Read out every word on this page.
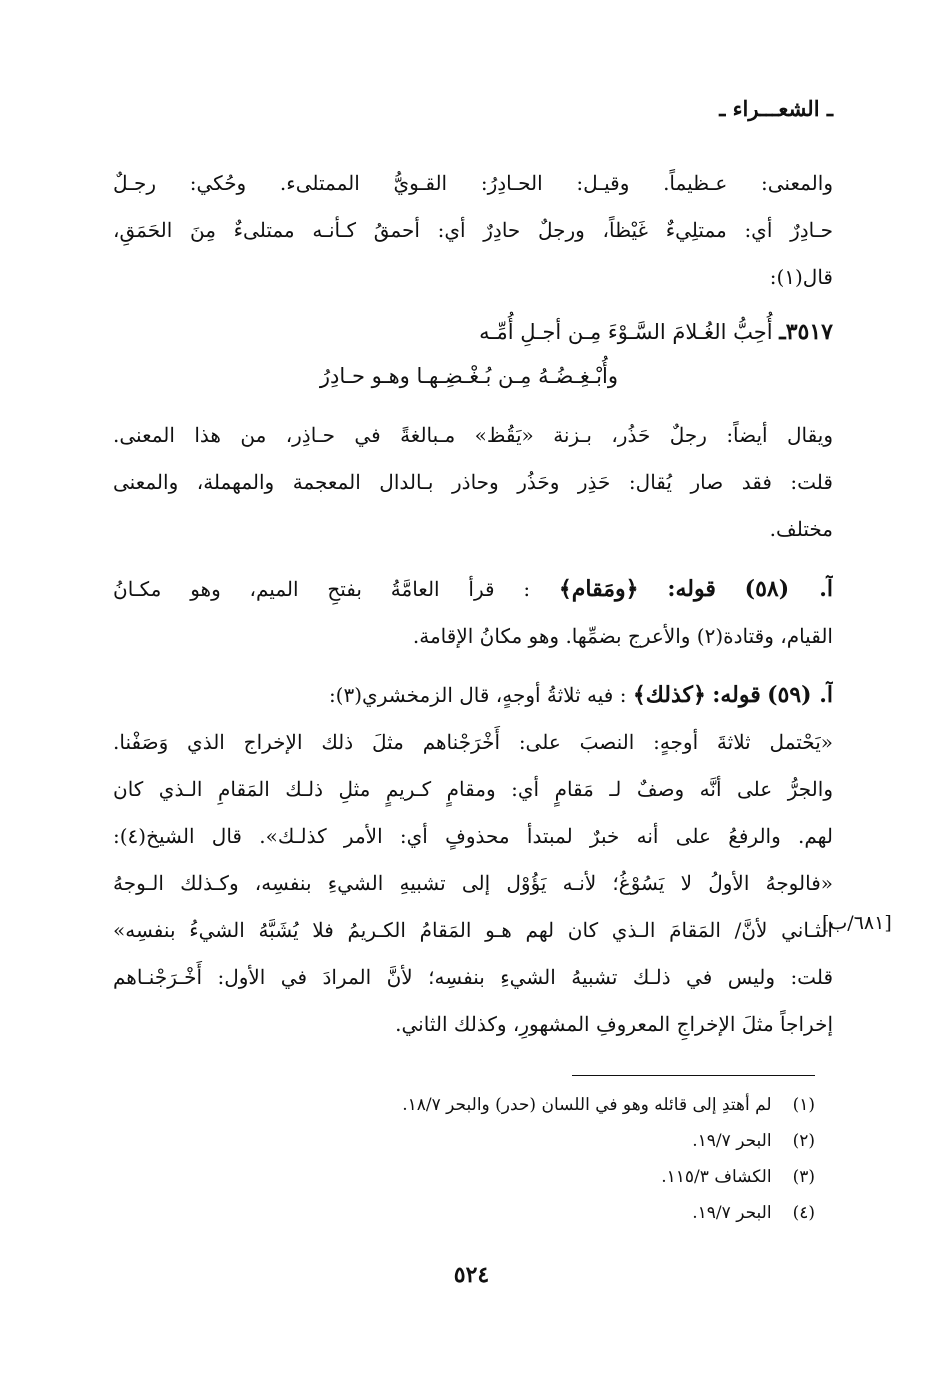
ـ الشعـــراء ـ
والمعنى: عـظيماً. وقيـل: الحـادِرُ: القـويُّ الممتلىء. وحُكي: رجـلٌ
حـادِرٌ أي: ممتلِيءٌ غَيْظاً، ورجلٌ حادِرٌ أي: أحمقُ كـأنـه ممتلىءٌ مِنَ الحَمَقِ،
قال(١):
٣٥١٧ـ أُحِبُّ الغُـلامَ السَّـوْءَ مِـن أجـلِ أُمِّـه
وأُبْـغِـضُـهُ مِـن بُـغْـضِـهـا وهـو حـادِرُ
ويقال أيضاً: رجلٌ حَذُر، بـزنة «يَقُظ» مـبالغةً في حـاذِر، من هذا المعنى.
قلت: فقد صار يُقال: حَذِر وحَذُر وحاذر بـالدال المعجمة والمهملة، والمعنى
مختلف.
آ. (٥٨) قوله: ﴿ومَقام﴾ : قرأ العامَّةُ بفتحِ الميم، وهو مكـانُ
القيام، وقتادة(٢) والأعرج بضمِّها. وهو مكانُ الإقامة.
آ. (٥٩) قوله: ﴿كذلك﴾ : فيه ثلاثةُ أوجهٍ، قال الزمخشري(٣):
«يَحْتمل ثلاثةَ أوجهٍ: النصبَ على: أَخْرَجْناهم مثلَ ذلك الإخراج الذي وَصَفْنا.
والجرُّ على أنَّه وصفٌ لـ مَقامٍ أي: ومقامٍ كـريمٍ مثلِ ذلـك المَقامِ الـذي كان
لهم. والرفعُ على أنه خبرٌ لمبتدأ محذوفٍ أي: الأمر كذلـك». قال الشيخ(٤):
«فالوجهُ الأولُ لا يَسُوْغُ؛ لأنـه يَؤُوْل إلى تشبيهِ الشيءِ بنفسِه، وكـذلك الـوجهُ
الثـاني لأنَّ/ المَقامَ الـذي كان لهم هـو المَقامُ الكـريمُ فلا يُشَبَّهُ الشيءُ بنفسِه»
قلت: وليس في ذلـك تشبيهُ الشيءِ بنفسِه؛ لأنَّ المرادَ في الأول: أَخْـرَجْنـاهم
إخراجاً مثلَ الإخراجِ المعروفِ المشهورِ، وكذلك الثاني.
[٦٨١/ب]
(١) لم أهتدِ إلى قائله وهو في اللسان (حدر) والبحر ١٨/٧.
(٢) البحر ١٩/٧.
(٣) الكشاف ١١٥/٣.
(٤) البحر ١٩/٧.
٥٢٤
